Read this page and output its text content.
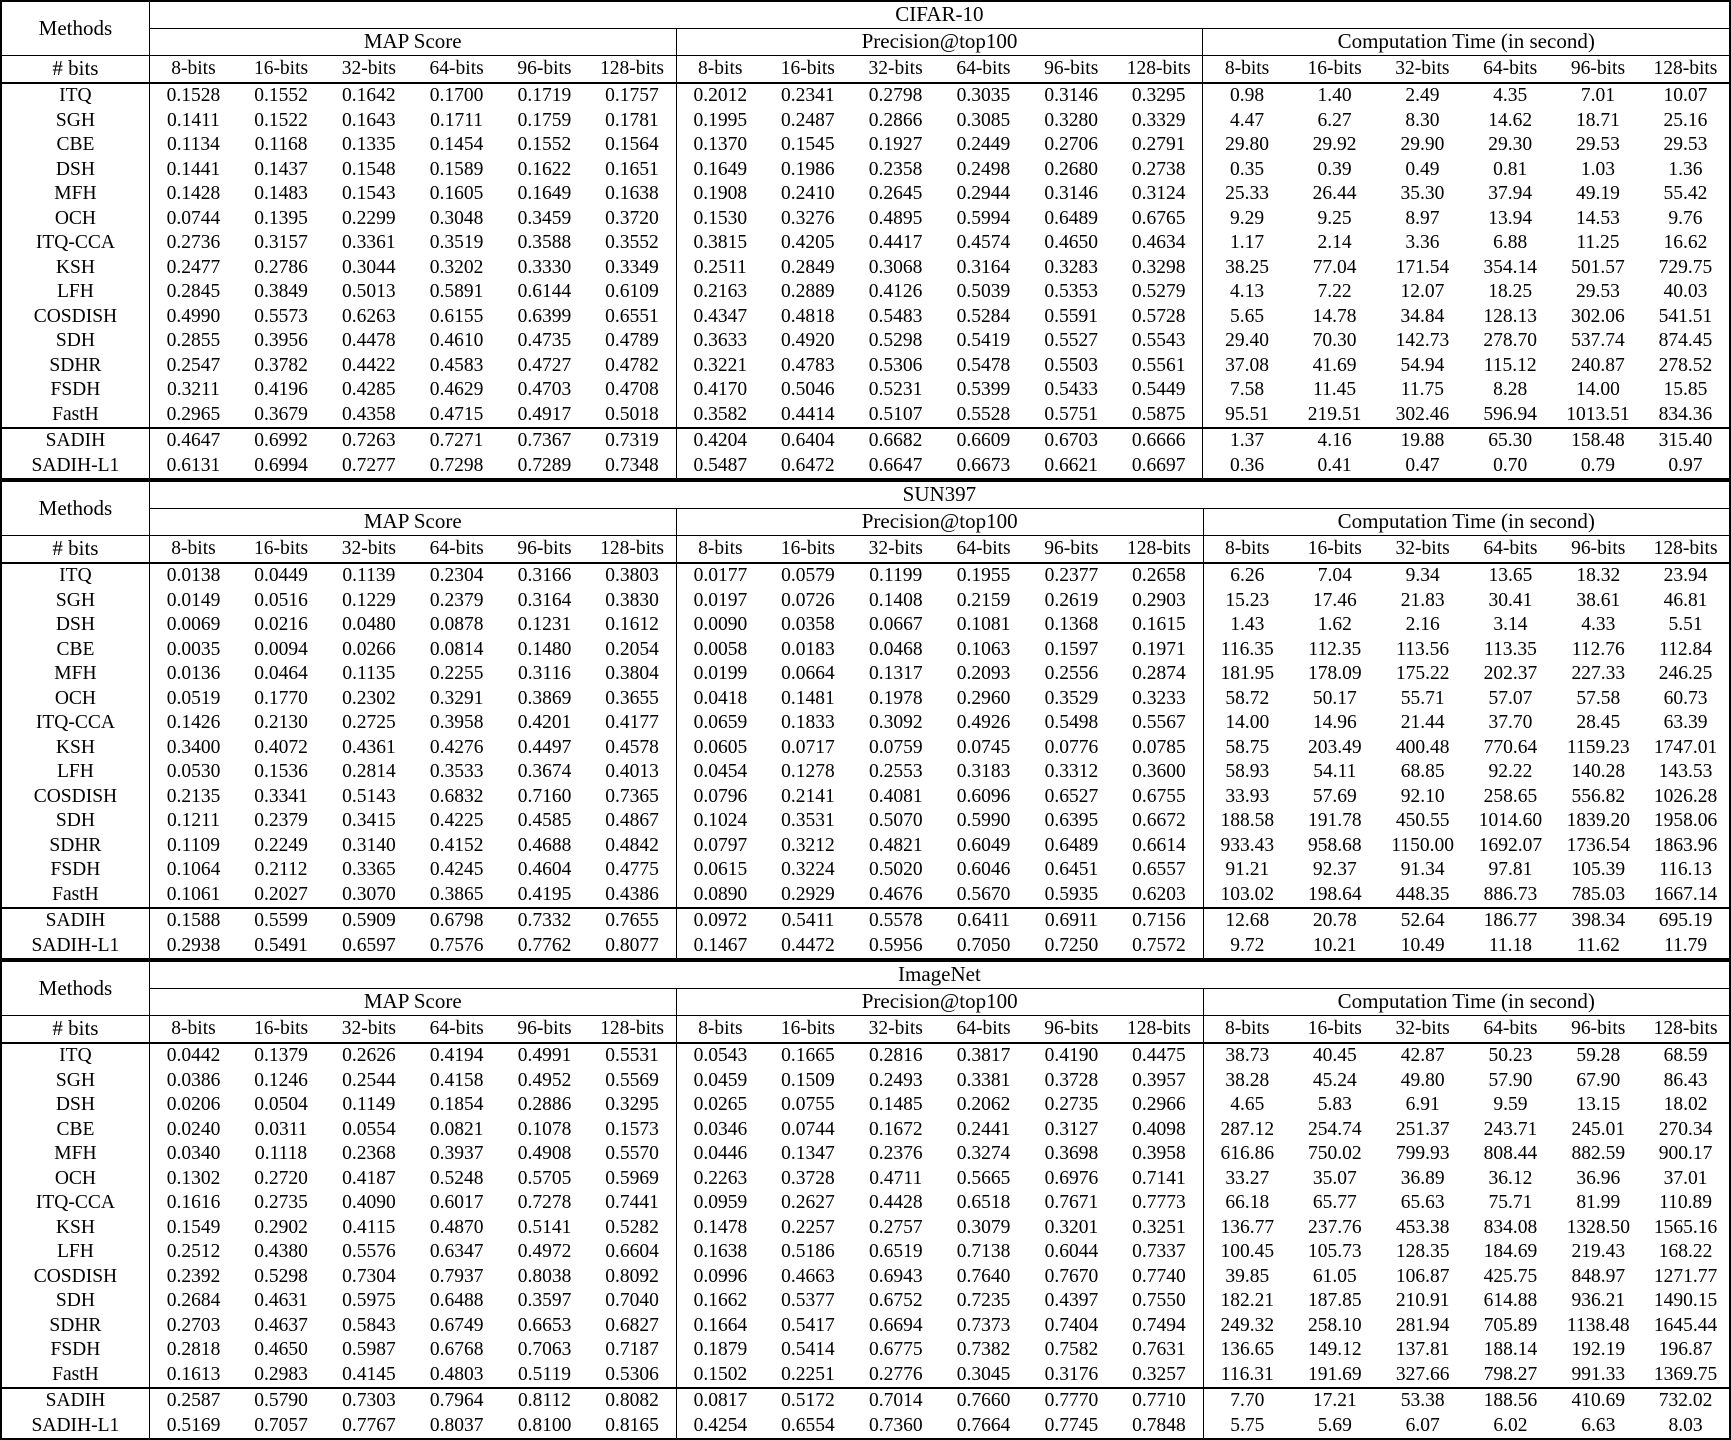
Methods	CIFAR-10																	
	MAP Score						Precision@top100						Computation Time (in second)					
# bits	8-bits	16-bits	32-bits	64-bits	96-bits	128-bits	8-bits	16-bits	32-bits	64-bits	96-bits	128-bits	8-bits	16-bits	32-bits	64-bits	96-bits	128-bits
ITQ	0.1528	0.1552	0.1642	0.1700	0.1719	0.1757	0.2012	0.2341	0.2798	0.3035	0.3146	0.3295	0.98	1.40	2.49	4.35	7.01	10.07
SGH	0.1411	0.1522	0.1643	0.1711	0.1759	0.1781	0.1995	0.2487	0.2866	0.3085	0.3280	0.3329	4.47	6.27	8.30	14.62	18.71	25.16
CBE	0.1134	0.1168	0.1335	0.1454	0.1552	0.1564	0.1370	0.1545	0.1927	0.2449	0.2706	0.2791	29.80	29.92	29.90	29.30	29.53	29.53
DSH	0.1441	0.1437	0.1548	0.1589	0.1622	0.1651	0.1649	0.1986	0.2358	0.2498	0.2680	0.2738	0.35	0.39	0.49	0.81	1.03	1.36
MFH	0.1428	0.1483	0.1543	0.1605	0.1649	0.1638	0.1908	0.2410	0.2645	0.2944	0.3146	0.3124	25.33	26.44	35.30	37.94	49.19	55.42
OCH	0.0744	0.1395	0.2299	0.3048	0.3459	0.3720	0.1530	0.3276	0.4895	0.5994	0.6489	0.6765	9.29	9.25	8.97	13.94	14.53	9.76
ITQ-CCA	0.2736	0.3157	0.3361	0.3519	0.3588	0.3552	0.3815	0.4205	0.4417	0.4574	0.4650	0.4634	1.17	2.14	3.36	6.88	11.25	16.62
KSH	0.2477	0.2786	0.3044	0.3202	0.3330	0.3349	0.2511	0.2849	0.3068	0.3164	0.3283	0.3298	38.25	77.04	171.54	354.14	501.57	729.75
LFH	0.2845	0.3849	0.5013	0.5891	0.6144	0.6109	0.2163	0.2889	0.4126	0.5039	0.5353	0.5279	4.13	7.22	12.07	18.25	29.53	40.03
COSDISH	0.4990	0.5573	0.6263	0.6155	0.6399	0.6551	0.4347	0.4818	0.5483	0.5284	0.5591	0.5728	5.65	14.78	34.84	128.13	302.06	541.51
SDH	0.2855	0.3956	0.4478	0.4610	0.4735	0.4789	0.3633	0.4920	0.5298	0.5419	0.5527	0.5543	29.40	70.30	142.73	278.70	537.74	874.45
SDHR	0.2547	0.3782	0.4422	0.4583	0.4727	0.4782	0.3221	0.4783	0.5306	0.5478	0.5503	0.5561	37.08	41.69	54.94	115.12	240.87	278.52
FSDH	0.3211	0.4196	0.4285	0.4629	0.4703	0.4708	0.4170	0.5046	0.5231	0.5399	0.5433	0.5449	7.58	11.45	11.75	8.28	14.00	15.85
FastH	0.2965	0.3679	0.4358	0.4715	0.4917	0.5018	0.3582	0.4414	0.5107	0.5528	0.5751	0.5875	95.51	219.51	302.46	596.94	1013.51	834.36
SADIH	0.4647	0.6992	0.7263	0.7271	0.7367	0.7319	0.4204	0.6404	0.6682	0.6609	0.6703	0.6666	1.37	4.16	19.88	65.30	158.48	315.40
SADIH-L1	0.6131	0.6994	0.7277	0.7298	0.7289	0.7348	0.5487	0.6472	0.6647	0.6673	0.6621	0.6697	0.36	0.41	0.47	0.70	0.79	0.97
Methods	SUN397																	
	MAP Score						Precision@top100						Computation Time (in second)					
# bits	8-bits	16-bits	32-bits	64-bits	96-bits	128-bits	8-bits	16-bits	32-bits	64-bits	96-bits	128-bits	8-bits	16-bits	32-bits	64-bits	96-bits	128-bits
ITQ	0.0138	0.0449	0.1139	0.2304	0.3166	0.3803	0.0177	0.0579	0.1199	0.1955	0.2377	0.2658	6.26	7.04	9.34	13.65	18.32	23.94
SGH	0.0149	0.0516	0.1229	0.2379	0.3164	0.3830	0.0197	0.0726	0.1408	0.2159	0.2619	0.2903	15.23	17.46	21.83	30.41	38.61	46.81
DSH	0.0069	0.0216	0.0480	0.0878	0.1231	0.1612	0.0090	0.0358	0.0667	0.1081	0.1368	0.1615	1.43	1.62	2.16	3.14	4.33	5.51
CBE	0.0035	0.0094	0.0266	0.0814	0.1480	0.2054	0.0058	0.0183	0.0468	0.1063	0.1597	0.1971	116.35	112.35	113.56	113.35	112.76	112.84
MFH	0.0136	0.0464	0.1135	0.2255	0.3116	0.3804	0.0199	0.0664	0.1317	0.2093	0.2556	0.2874	181.95	178.09	175.22	202.37	227.33	246.25
OCH	0.0519	0.1770	0.2302	0.3291	0.3869	0.3655	0.0418	0.1481	0.1978	0.2960	0.3529	0.3233	58.72	50.17	55.71	57.07	57.58	60.73
ITQ-CCA	0.1426	0.2130	0.2725	0.3958	0.4201	0.4177	0.0659	0.1833	0.3092	0.4926	0.5498	0.5567	14.00	14.96	21.44	37.70	28.45	63.39
KSH	0.3400	0.4072	0.4361	0.4276	0.4497	0.4578	0.0605	0.0717	0.0759	0.0745	0.0776	0.0785	58.75	203.49	400.48	770.64	1159.23	1747.01
LFH	0.0530	0.1536	0.2814	0.3533	0.3674	0.4013	0.0454	0.1278	0.2553	0.3183	0.3312	0.3600	58.93	54.11	68.85	92.22	140.28	143.53
COSDISH	0.2135	0.3341	0.5143	0.6832	0.7160	0.7365	0.0796	0.2141	0.4081	0.6096	0.6527	0.6755	33.93	57.69	92.10	258.65	556.82	1026.28
SDH	0.1211	0.2379	0.3415	0.4225	0.4585	0.4867	0.1024	0.3531	0.5070	0.5990	0.6395	0.6672	188.58	191.78	450.55	1014.60	1839.20	1958.06
SDHR	0.1109	0.2249	0.3140	0.4152	0.4688	0.4842	0.0797	0.3212	0.4821	0.6049	0.6489	0.6614	933.43	958.68	1150.00	1692.07	1736.54	1863.96
FSDH	0.1064	0.2112	0.3365	0.4245	0.4604	0.4775	0.0615	0.3224	0.5020	0.6046	0.6451	0.6557	91.21	92.37	91.34	97.81	105.39	116.13
FastH	0.1061	0.2027	0.3070	0.3865	0.4195	0.4386	0.0890	0.2929	0.4676	0.5670	0.5935	0.6203	103.02	198.64	448.35	886.73	785.03	1667.14
SADIH	0.1588	0.5599	0.5909	0.6798	0.7332	0.7655	0.0972	0.5411	0.5578	0.6411	0.6911	0.7156	12.68	20.78	52.64	186.77	398.34	695.19
SADIH-L1	0.2938	0.5491	0.6597	0.7576	0.7762	0.8077	0.1467	0.4472	0.5956	0.7050	0.7250	0.7572	9.72	10.21	10.49	11.18	11.62	11.79
Methods	ImageNet																	
	MAP Score						Precision@top100						Computation Time (in second)					
# bits	8-bits	16-bits	32-bits	64-bits	96-bits	128-bits	8-bits	16-bits	32-bits	64-bits	96-bits	128-bits	8-bits	16-bits	32-bits	64-bits	96-bits	128-bits
ITQ	0.0442	0.1379	0.2626	0.4194	0.4991	0.5531	0.0543	0.1665	0.2816	0.3817	0.4190	0.4475	38.73	40.45	42.87	50.23	59.28	68.59
SGH	0.0386	0.1246	0.2544	0.4158	0.4952	0.5569	0.0459	0.1509	0.2493	0.3381	0.3728	0.3957	38.28	45.24	49.80	57.90	67.90	86.43
DSH	0.0206	0.0504	0.1149	0.1854	0.2886	0.3295	0.0265	0.0755	0.1485	0.2062	0.2735	0.2966	4.65	5.83	6.91	9.59	13.15	18.02
CBE	0.0240	0.0311	0.0554	0.0821	0.1078	0.1573	0.0346	0.0744	0.1672	0.2441	0.3127	0.4098	287.12	254.74	251.37	243.71	245.01	270.34
MFH	0.0340	0.1118	0.2368	0.3937	0.4908	0.5570	0.0446	0.1347	0.2376	0.3274	0.3698	0.3958	616.86	750.02	799.93	808.44	882.59	900.17
OCH	0.1302	0.2720	0.4187	0.5248	0.5705	0.5969	0.2263	0.3728	0.4711	0.5665	0.6976	0.7141	33.27	35.07	36.89	36.12	36.96	37.01
ITQ-CCA	0.1616	0.2735	0.4090	0.6017	0.7278	0.7441	0.0959	0.2627	0.4428	0.6518	0.7671	0.7773	66.18	65.77	65.63	75.71	81.99	110.89
KSH	0.1549	0.2902	0.4115	0.4870	0.5141	0.5282	0.1478	0.2257	0.2757	0.3079	0.3201	0.3251	136.77	237.76	453.38	834.08	1328.50	1565.16
LFH	0.2512	0.4380	0.5576	0.6347	0.4972	0.6604	0.1638	0.5186	0.6519	0.7138	0.6044	0.7337	100.45	105.73	128.35	184.69	219.43	168.22
COSDISH	0.2392	0.5298	0.7304	0.7937	0.8038	0.8092	0.0996	0.4663	0.6943	0.7640	0.7670	0.7740	39.85	61.05	106.87	425.75	848.97	1271.77
SDH	0.2684	0.4631	0.5975	0.6488	0.3597	0.7040	0.1662	0.5377	0.6752	0.7235	0.4397	0.7550	182.21	187.85	210.91	614.88	936.21	1490.15
SDHR	0.2703	0.4637	0.5843	0.6749	0.6653	0.6827	0.1664	0.5417	0.6694	0.7373	0.7404	0.7494	249.32	258.10	281.94	705.89	1138.48	1645.44
FSDH	0.2818	0.4650	0.5987	0.6768	0.7063	0.7187	0.1879	0.5414	0.6775	0.7382	0.7582	0.7631	136.65	149.12	137.81	188.14	192.19	196.87
FastH	0.1613	0.2983	0.4145	0.4803	0.5119	0.5306	0.1502	0.2251	0.2776	0.3045	0.3176	0.3257	116.31	191.69	327.66	798.27	991.33	1369.75
SADIH	0.2587	0.5790	0.7303	0.7964	0.8112	0.8082	0.0817	0.5172	0.7014	0.7660	0.7770	0.7710	7.70	17.21	53.38	188.56	410.69	732.02
SADIH-L1	0.5169	0.7057	0.7767	0.8037	0.8100	0.8165	0.4254	0.6554	0.7360	0.7664	0.7745	0.7848	5.75	5.69	6.07	6.02	6.63	8.03
